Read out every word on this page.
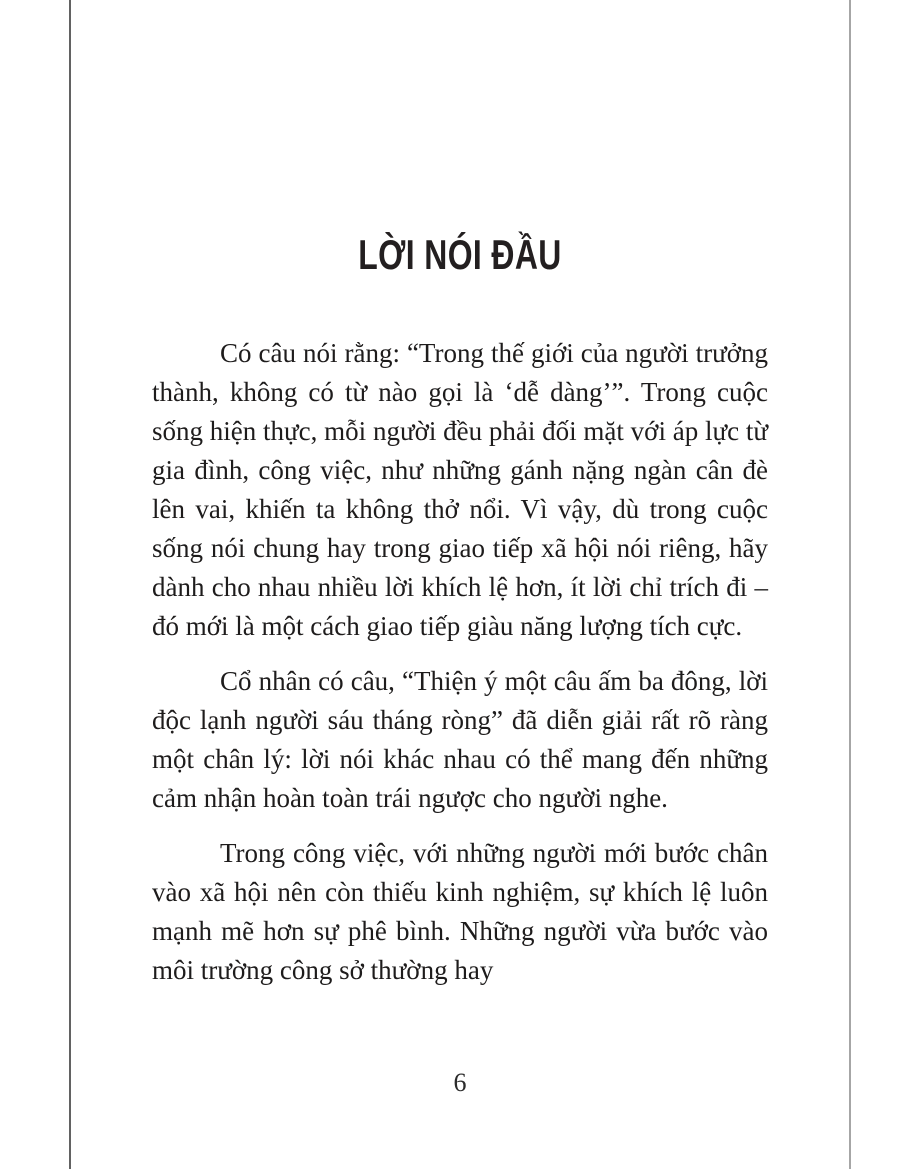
LỜI NÓI ĐẦU

Có câu nói rằng: “Trong thế giới của người trưởng thành, không có từ nào gọi là ‘dễ dàng’”. Trong cuộc sống hiện thực, mỗi người đều phải đối mặt với áp lực từ gia đình, công việc, như những gánh nặng ngàn cân đè lên vai, khiến ta không thở nổi. Vì vậy, dù trong cuộc sống nói chung hay trong giao tiếp xã hội nói riêng, hãy dành cho nhau nhiều lời khích lệ hơn, ít lời chỉ trích đi – đó mới là một cách giao tiếp giàu năng lượng tích cực.

Cổ nhân có câu, “Thiện ý một câu ấm ba đông, lời độc lạnh người sáu tháng ròng” đã diễn giải rất rõ ràng một chân lý: lời nói khác nhau có thể mang đến những cảm nhận hoàn toàn trái ngược cho người nghe.

Trong công việc, với những người mới bước chân vào xã hội nên còn thiếu kinh nghiệm, sự khích lệ luôn mạnh mẽ hơn sự phê bình. Những người vừa bước vào môi trường công sở thường hay

6
